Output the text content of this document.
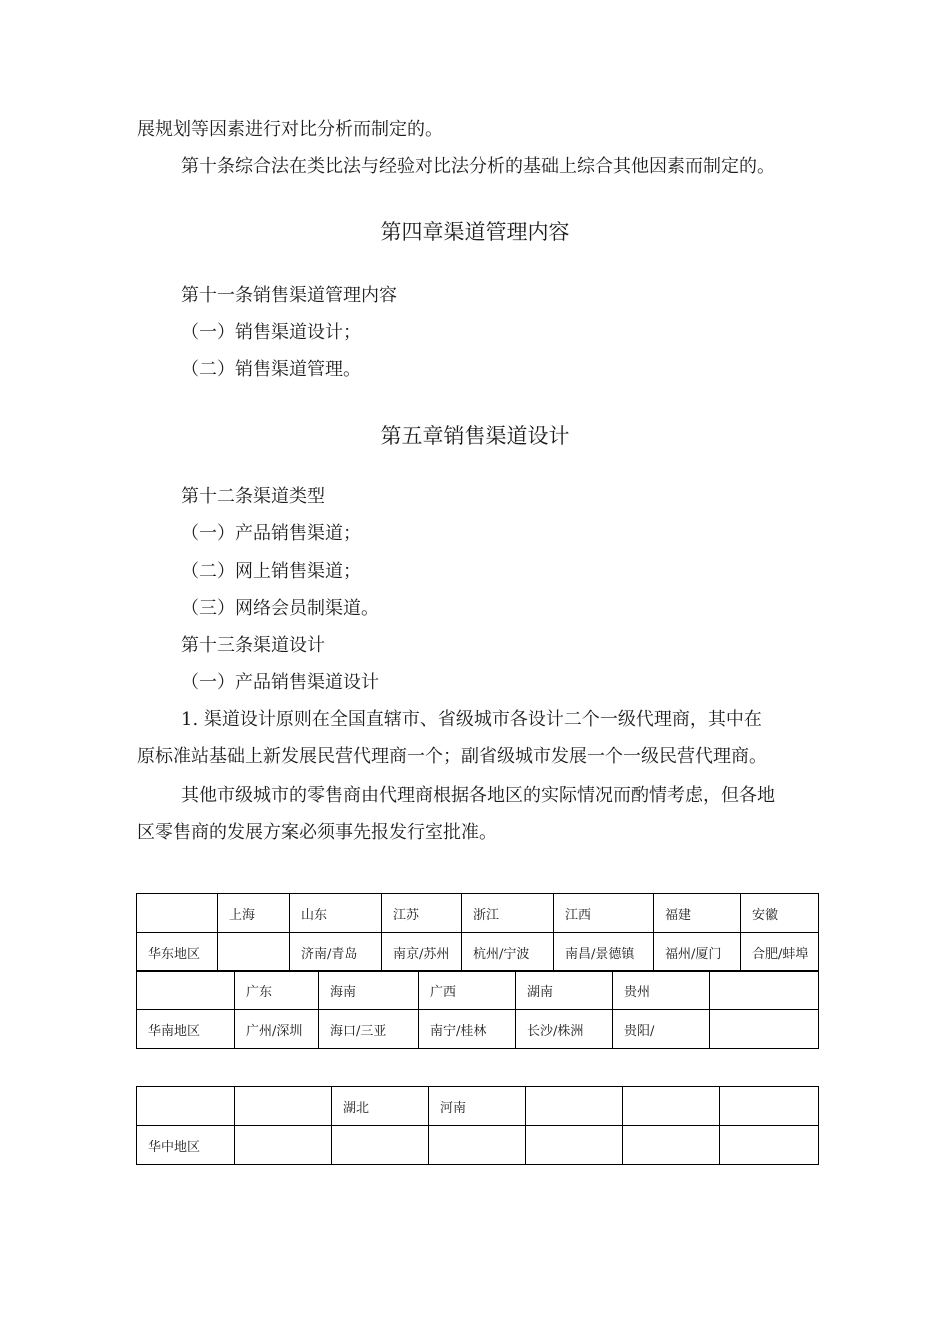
展规划等因素进行对比分析而制定的。
第十条综合法在类比法与经验对比法分析的基础上综合其他因素而制定的。
第四章渠道管理内容
第十一条销售渠道管理内容
（一）销售渠道设计；
（二）销售渠道管理。
第五章销售渠道设计
第十二条渠道类型
（一）产品销售渠道；
（二）网上销售渠道；
（三）网络会员制渠道。
第十三条渠道设计
（一）产品销售渠道设计
1. 渠道设计原则在全国直辖市、省级城市各设计二个一级代理商，其中在
原标准站基础上新发展民营代理商一个；副省级城市发展一个一级民营代理商。
其他市级城市的零售商由代理商根据各地区的实际情况而酌情考虑，但各地
区零售商的发展方案必须事先报发行室批准。
	上海	山东	江苏	浙江	江西	福建	安徽
华东地区		济南/青岛	南京/苏州	杭州/宁波	南昌/景德镇	福州/厦门	合肥/蚌埠
	广东	海南	广西	湖南	贵州	
华南地区	广州/深圳	海口/三亚	南宁/桂林	长沙/株洲	贵阳/	
		湖北	河南			
华中地区						
